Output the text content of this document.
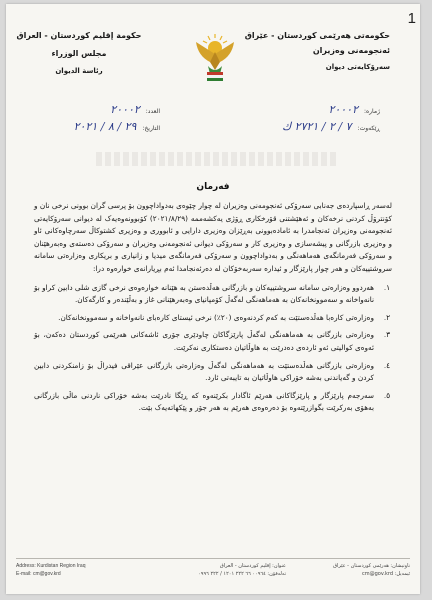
1
حكومەتی هەرێمی کوردستان - عێراق
ئەنجومەنی وەزیران
سەرۆکایەتی دیوان
حكومة إقليم كوردستان - العراق
مجلس الوزراء
رئاسة الديوان
ژمارە:٢٠٠٠٢
ڕێکەوت:٧ / ٢ / ٢٧٢١ ك
العدد:٢٠٠٠٢
التاريخ:٢٩ / ٨ / ٢٠٢١
فەرمان

لەسەر ڕاسپاردەی جەنابی سەرۆکی ئەنجومەنی وەزیران لە چوار چێوەی بەدواداچوون بۆ پرسی گران بوونی نرخی نان و کۆنترۆڵ کردنی نرخەکان و ئەهێشتنی قۆرخکاری ڕۆژی یەکشەممە (٢٠٢١/٨/٢٩) کۆبوونەوەیەک لە دیوانی سەرۆکایەتی ئەنجومەنی وەزیران ئەنجامدرا بە ئامادەبوونی بەڕێزان وەزیری دارایی و ئابووری و وەزیری کشتوکاڵ سەرچاوەکانی ئاو و وەزیری بازرگانی و پیشەسازی و وەزیری کار و سەرۆکی دیوانی ئەنجومەنی وەزیران و سەرۆکی دەستەی وەبەرهێنان و سەرۆکی فەرمانگەی هەماهەنگی و بەدواداچوون و سەرۆکی فەرمانگەی میدیا و زانیاری و بریکاری وەزارەتی سامانە سروشتییەکان و هەر چوار پارێزگار و ئیدارە سەربەخۆکان لە دەرئەنجامدا ئەم بڕیارانەی خوارەوە درا:

١.
هەردوو وەزارەتی سامانە سروشتییەکان و بازرگانی هەڵدەستن بە هێنانە خوارەوەی نرخی گازی شلی دابین کراو بۆ نانەواخانە و سەموونخانەکان بە هەماهەنگی لەگەڵ کۆمپانیای وەبەرهێنانی غاز و بەڵێندەر و کارگەکان.
٢.
وەزارەتی کارەبا هەڵدەستێت بە کەم کردنەوەی (٢٠٪) نرخی ئیستای کارەبای نانەواخانە و سەموونخانەکان.
٣.
وەزارەتی بازرگانی بە هەماهەنگی لەگەڵ پارێزگاکان چاودێری جۆری ئاشەکانی هەرێمی کوردستان دەکەن، بۆ ئەوەی کوالیتی ئەو ئاردەی دەدرێت بە هاوڵاتیان دەستکاری نەکرێت.
٤.
وەزارەتی بازرگانی هەڵدەستێت بە هەماهەنگی لەگەڵ وەزارەتی بازرگانی عێراقی فیدراڵ بۆ زامنکردنی دابین کردن و گەیاندنی بەشە خۆراکی هاوڵاتیان بە تایبەتی ئارد.
٥.
سەرجەم پارێزگار و پارێزگاکانی هەرێم ئاگادار بکرێنەوە کە ڕێگا نادرێت بەشە خۆراکی ناردنی ماڵی بازرگانی بەهۆی بەرکرێت بگوازرێتەوە بۆ دەرەوەی هەرێم بە هەر جۆر و پێکهاتەیەک بێت.
ناونیشان: هەرێمی کوردستان - عێراق
ئیمەیل: cm@gov.krd
عنوان: إقليم كوردستان - العراق
تەلەفۆن: ٠٠٩٦٤ ٦٦ ٢٢٢ ١٢٠١ / ٢٢٢ ٠٩٩٦
Address: Kurdistan Region Iraq
E-mail: cm@gov.krd
